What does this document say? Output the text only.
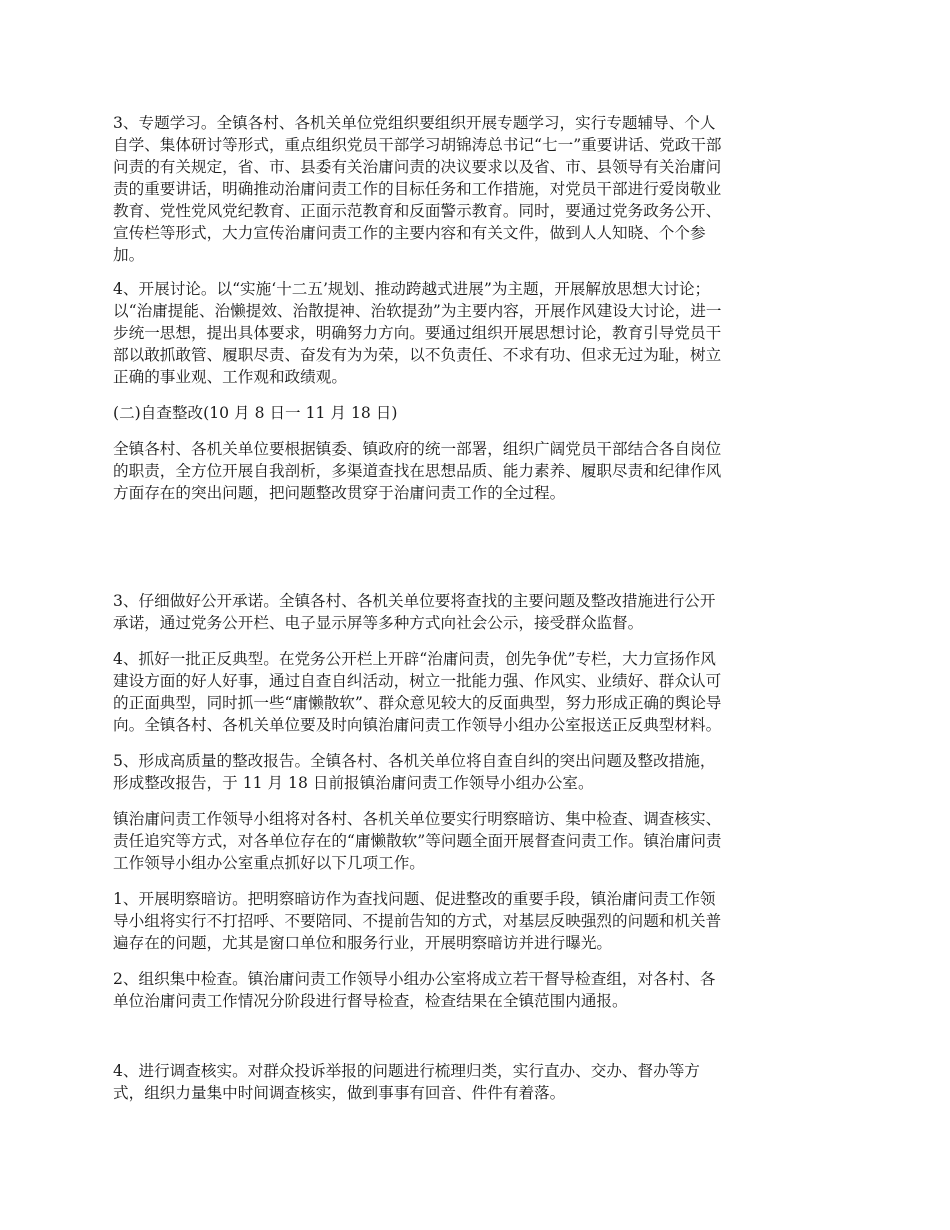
3、专题学习。全镇各村、各机关单位党组织要组织开展专题学习，实行专题辅导、个人
自学、集体研讨等形式，重点组织党员干部学习胡锦涛总书记“七一”重要讲话、党政干部
问责的有关规定，省、市、县委有关治庸问责的决议要求以及省、市、县领导有关治庸问
责的重要讲话，明确推动治庸问责工作的目标任务和工作措施，对党员干部进行爱岗敬业
教育、党性党风党纪教育、正面示范教育和反面警示教育。同时，要通过党务政务公开、
宣传栏等形式，大力宣传治庸问责工作的主要内容和有关文件，做到人人知晓、个个参
加。

4、开展讨论。以“实施‘十二五’规划、推动跨越式进展”为主题，开展解放思想大讨论；
以“治庸提能、治懒提效、治散提神、治软提劲”为主要内容，开展作风建设大讨论，进一
步统一思想，提出具体要求，明确努力方向。要通过组织开展思想讨论，教育引导党员干
部以敢抓敢管、履职尽责、奋发有为为荣，以不负责任、不求有功、但求无过为耻，树立
正确的事业观、工作观和政绩观。

(二)自查整改(10 月 8 日一 11 月 18 日)

全镇各村、各机关单位要根据镇委、镇政府的统一部署，组织广阔党员干部结合各自岗位
的职责，全方位开展自我剖析，多渠道查找在思想品质、能力素养、履职尽责和纪律作风
方面存在的突出问题，把问题整改贯穿于治庸问责工作的全过程。

3、仔细做好公开承诺。全镇各村、各机关单位要将查找的主要问题及整改措施进行公开
承诺，通过党务公开栏、电子显示屏等多种方式向社会公示，接受群众监督。

4、抓好一批正反典型。在党务公开栏上开辟“治庸问责，创先争优”专栏，大力宣扬作风
建设方面的好人好事，通过自查自纠活动，树立一批能力强、作风实、业绩好、群众认可
的正面典型，同时抓一些“庸懒散软”、群众意见较大的反面典型，努力形成正确的舆论导
向。全镇各村、各机关单位要及时向镇治庸问责工作领导小组办公室报送正反典型材料。

5、形成高质量的整改报告。全镇各村、各机关单位将自查自纠的突出问题及整改措施，
形成整改报告，于 11 月 18 日前报镇治庸问责工作领导小组办公室。

镇治庸问责工作领导小组将对各村、各机关单位要实行明察暗访、集中检查、调查核实、
责任追究等方式，对各单位存在的“庸懒散软”等问题全面开展督查问责工作。镇治庸问责
工作领导小组办公室重点抓好以下几项工作。

1、开展明察暗访。把明察暗访作为查找问题、促进整改的重要手段，镇治庸问责工作领
导小组将实行不打招呼、不要陪同、不提前告知的方式，对基层反映强烈的问题和机关普
遍存在的问题，尤其是窗口单位和服务行业，开展明察暗访并进行曝光。

2、组织集中检查。镇治庸问责工作领导小组办公室将成立若干督导检查组，对各村、各
单位治庸问责工作情况分阶段进行督导检查，检查结果在全镇范围内通报。

4、进行调查核实。对群众投诉举报的问题进行梳理归类，实行直办、交办、督办等方
式，组织力量集中时间调查核实，做到事事有回音、件件有着落。
